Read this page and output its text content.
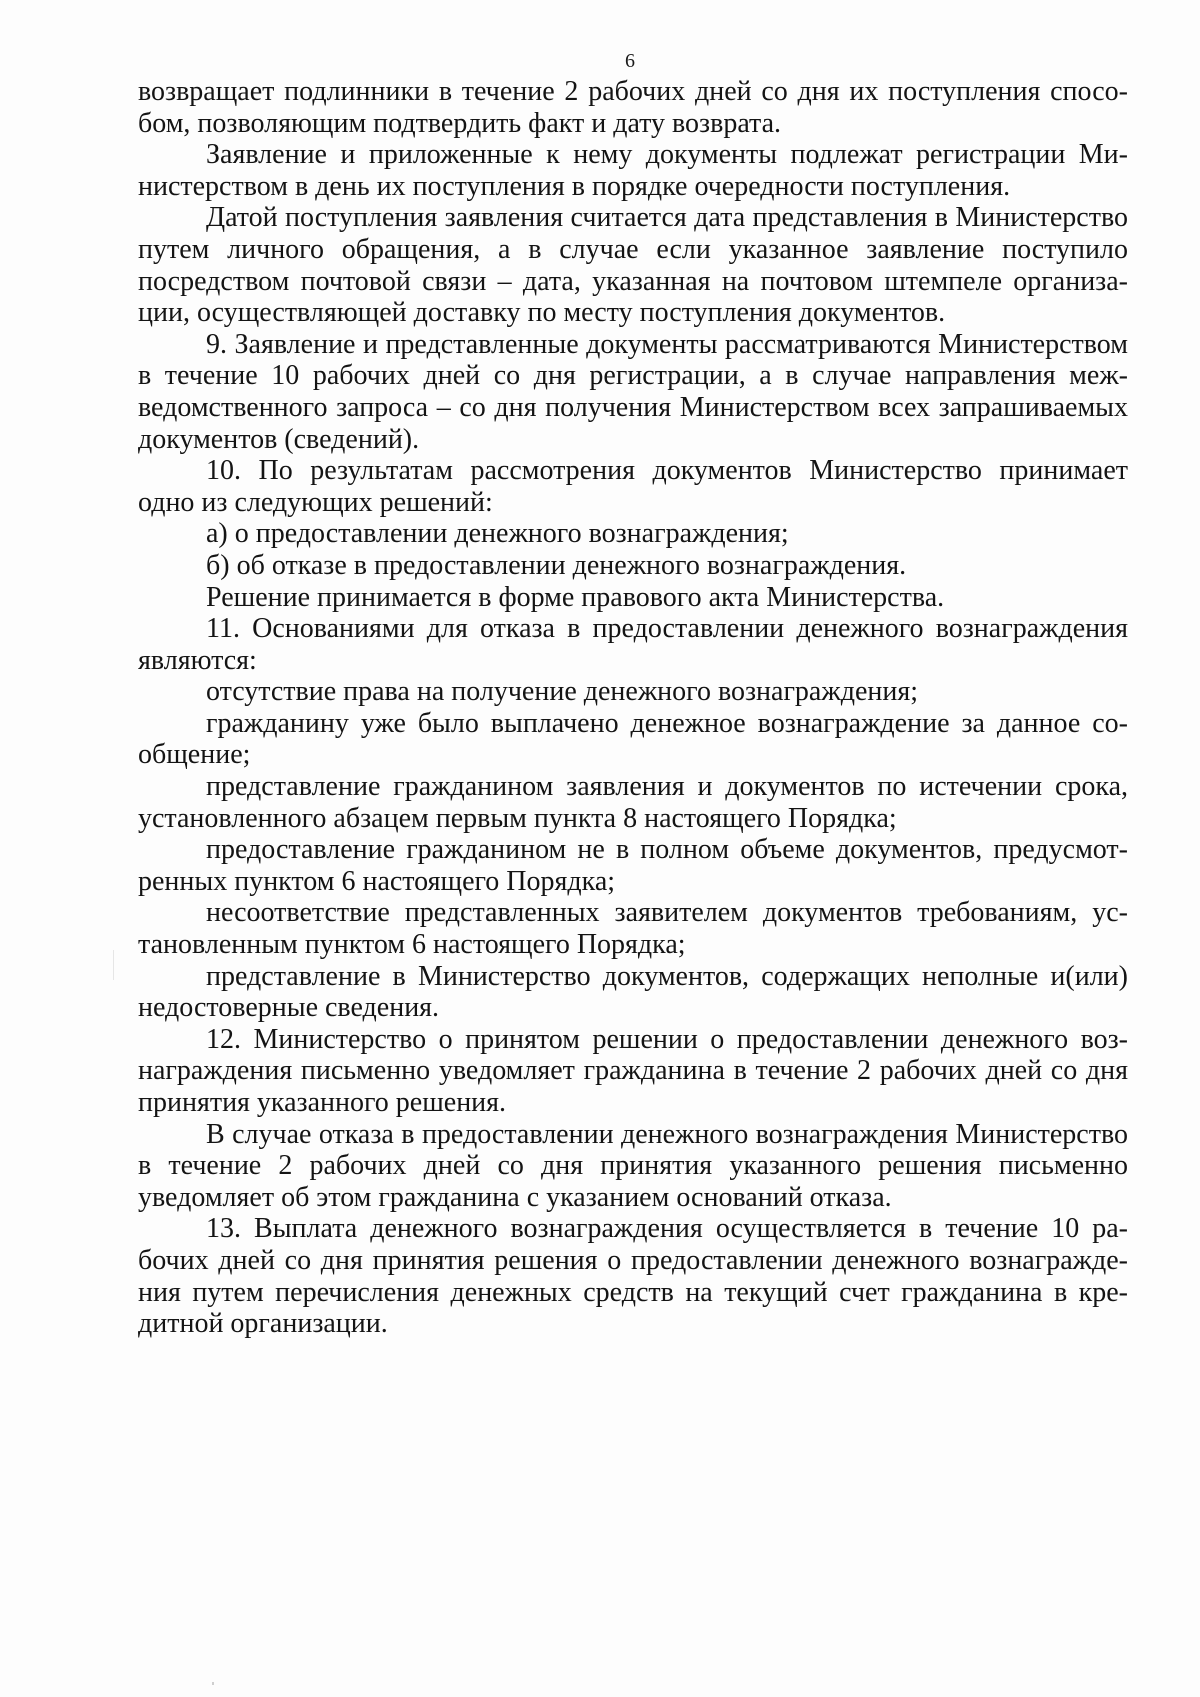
6

возвращает подлинники в течение 2 рабочих дней со дня их поступления способом, позволяющим подтвердить факт и дату возврата.

Заявление и приложенные к нему документы подлежат регистрации Министерством в день их поступления в порядке очередности поступления.

Датой поступления заявления считается дата представления в Министерство путем личного обращения, а в случае если указанное заявление поступило посредством почтовой связи – дата, указанная на почтовом штемпеле организации, осуществляющей доставку по месту поступления документов.

9. Заявление и представленные документы рассматриваются Министерством в течение 10 рабочих дней со дня регистрации, а в случае направления межведомственного запроса – со дня получения Министерством всех запрашиваемых документов (сведений).

10. По результатам рассмотрения документов Министерство принимает одно из следующих решений:

а) о предоставлении денежного вознаграждения;

б) об отказе в предоставлении денежного вознаграждения.

Решение принимается в форме правового акта Министерства.

11. Основаниями для отказа в предоставлении денежного вознаграждения являются:

отсутствие права на получение денежного вознаграждения;

гражданину уже было выплачено денежное вознаграждение за данное сообщение;

представление гражданином заявления и документов по истечении срока, установленного абзацем первым пункта 8 настоящего Порядка;

предоставление гражданином не в полном объеме документов, предусмотренных пунктом 6 настоящего Порядка;

несоответствие представленных заявителем документов требованиям, установленным пунктом 6 настоящего Порядка;

представление в Министерство документов, содержащих неполные и(или) недостоверные сведения.

12. Министерство о принятом решении о предоставлении денежного вознаграждения письменно уведомляет гражданина в течение 2 рабочих дней со дня принятия указанного решения.

В случае отказа в предоставлении денежного вознаграждения Министерство в течение 2 рабочих дней со дня принятия указанного решения письменно уведомляет об этом гражданина с указанием оснований отказа.

13. Выплата денежного вознаграждения осуществляется в течение 10 рабочих дней со дня принятия решения о предоставлении денежного вознаграждения путем перечисления денежных средств на текущий счет гражданина в кредитной организации.
